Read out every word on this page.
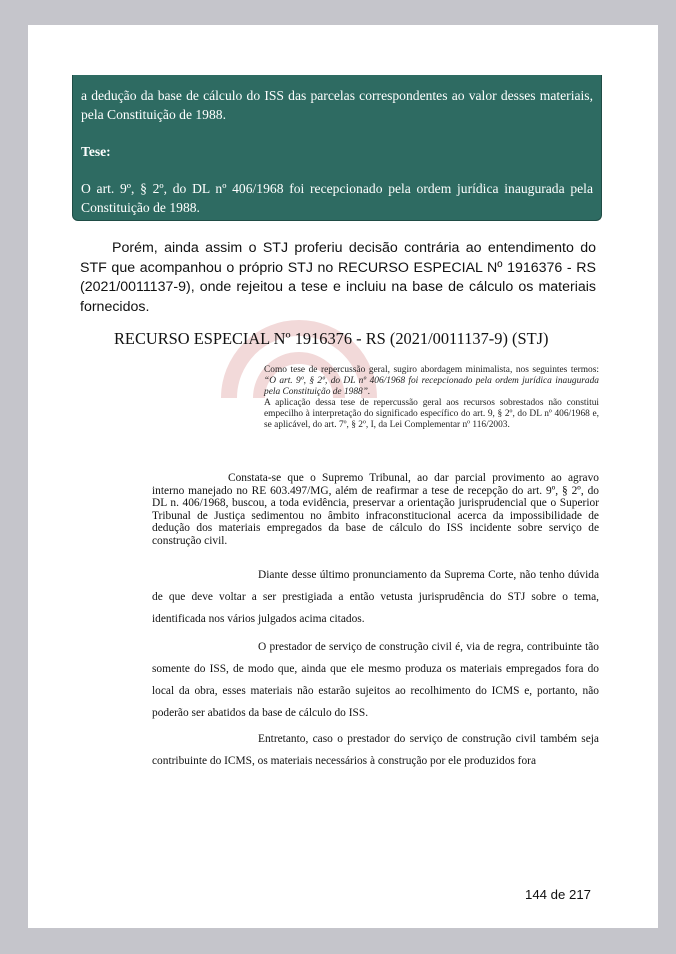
a dedução da base de cálculo do ISS das parcelas correspondentes ao valor desses materiais, pela Constituição de 1988.

Tese:

O art. 9º, § 2º, do DL nº 406/1968 foi recepcionado pela ordem jurídica inaugurada pela Constituição de 1988.

Porém, ainda assim o STJ proferiu decisão contrária ao entendimento do STF que acompanhou o próprio STJ no RECURSO ESPECIAL Nº 1916376 - RS (2021/0011137-9), onde rejeitou a tese e incluiu na base de cálculo os materiais fornecidos.

RECURSO ESPECIAL Nº 1916376 - RS (2021/0011137-9) (STJ)

Como tese de repercussão geral, sugiro abordagem minimalista, nos seguintes termos: “O art. 9º, § 2º, do DL nº 406/1968 foi recepcionado pela ordem jurídica inaugurada pela Constituição de 1988”.
A aplicação dessa tese de repercussão geral aos recursos sobrestados não constitui empecilho à interpretação do significado específico do art. 9, § 2º, do DL nº 406/1968 e, se aplicável, do art. 7º, § 2º, I, da Lei Complementar nº 116/2003.

Constata-se que o Supremo Tribunal, ao dar parcial provimento ao agravo interno manejado no RE 603.497/MG, além de reafirmar a tese de recepção do art. 9º, § 2º, do DL n. 406/1968, buscou, a toda evidência, preservar a orientação jurisprudencial que o Superior Tribunal de Justiça sedimentou no âmbito infraconstitucional acerca da impossibilidade de dedução dos materiais empregados da base de cálculo do ISS incidente sobre serviço de construção civil.

Diante desse último pronunciamento da Suprema Corte, não tenho dúvida de que deve voltar a ser prestigiada a então vetusta jurisprudência do STJ sobre o tema, identificada nos vários julgados acima citados.

O prestador de serviço de construção civil é, via de regra, contribuinte tão somente do ISS, de modo que, ainda que ele mesmo produza os materiais empregados fora do local da obra, esses materiais não estarão sujeitos ao recolhimento do ICMS e, portanto, não poderão ser abatidos da base de cálculo do ISS.

Entretanto, caso o prestador do serviço de construção civil também seja contribuinte do ICMS, os materiais necessários à construção por ele produzidos fora

144 de 217
